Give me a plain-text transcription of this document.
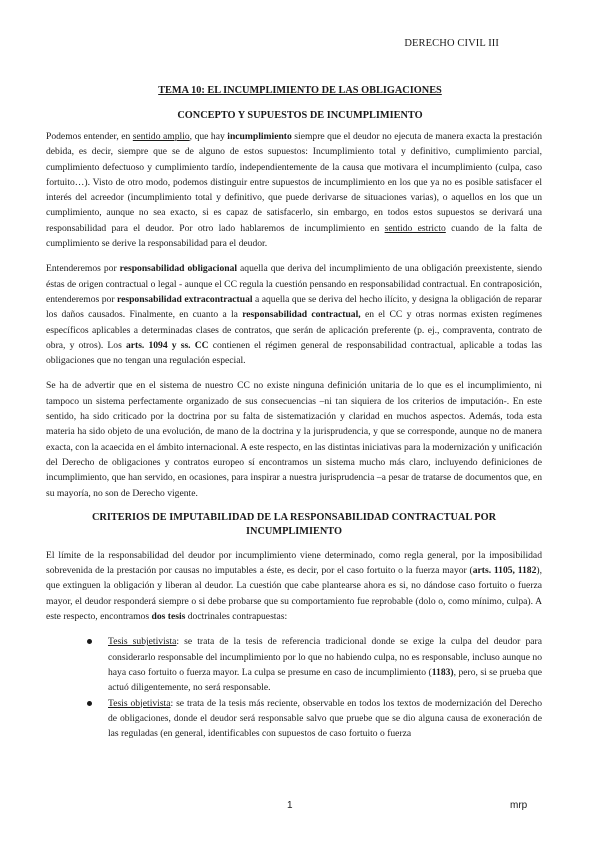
DERECHO CIVIL III
TEMA 10: EL INCUMPLIMIENTO DE LAS OBLIGACIONES
CONCEPTO Y SUPUESTOS DE INCUMPLIMIENTO

Podemos entender, en sentido amplio, que hay incumplimiento siempre que el deudor no ejecuta de manera exacta la prestación debida, es decir, siempre que se de alguno de estos supuestos: Incumplimiento total y definitivo, cumplimiento parcial, cumplimiento defectuoso y cumplimiento tardío, independientemente de la causa que motivara el incumplimiento (culpa, caso fortuito…). Visto de otro modo, podemos distinguir entre supuestos de incumplimiento en los que ya no es posible satisfacer el interés del acreedor (incumplimiento total y definitivo, que puede derivarse de situaciones varias), o aquellos en los que un cumplimiento, aunque no sea exacto, si es capaz de satisfacerlo, sin embargo, en todos estos supuestos se derivará una responsabilidad para el deudor. Por otro lado hablaremos de incumplimiento en sentido estricto cuando de la falta de cumplimiento se derive la responsabilidad para el deudor.

Entenderemos por responsabilidad obligacional aquella que deriva del incumplimiento de una obligación preexistente, siendo éstas de origen contractual o legal - aunque el CC regula la cuestión pensando en responsabilidad contractual. En contraposición, entenderemos por responsabilidad extracontractual a aquella que se deriva del hecho ilícito, y designa la obligación de reparar los daños causados. Finalmente, en cuanto a la responsabilidad contractual, en el CC y otras normas existen regímenes específicos aplicables a determinadas clases de contratos, que serán de aplicación preferente (p. ej., compraventa, contrato de obra, y otros). Los arts. 1094 y ss. CC contienen el régimen general de responsabilidad contractual, aplicable a todas las obligaciones que no tengan una regulación especial.

Se ha de advertir que en el sistema de nuestro CC no existe ninguna definición unitaria de lo que es el incumplimiento, ni tampoco un sistema perfectamente organizado de sus consecuencias –ni tan siquiera de los criterios de imputación-. En este sentido, ha sido criticado por la doctrina por su falta de sistematización y claridad en muchos aspectos. Además, toda esta materia ha sido objeto de una evolución, de mano de la doctrina y la jurisprudencia, y que se corresponde, aunque no de manera exacta, con la acaecida en el ámbito internacional. A este respecto, en las distintas iniciativas para la modernización y unificación del Derecho de obligaciones y contratos europeo sí encontramos un sistema mucho más claro, incluyendo definiciones de incumplimiento, que han servido, en ocasiones, para inspirar a nuestra jurisprudencia –a pesar de tratarse de documentos que, en su mayoría, no son de Derecho vigente.

CRITERIOS DE IMPUTABILIDAD DE LA RESPONSABILIDAD CONTRACTUAL POR INCUMPLIMIENTO

El límite de la responsabilidad del deudor por incumplimiento viene determinado, como regla general, por la imposibilidad sobrevenida de la prestación por causas no imputables a éste, es decir, por el caso fortuito o la fuerza mayor (arts. 1105, 1182), que extinguen la obligación y liberan al deudor. La cuestión que cabe plantearse ahora es si, no dándose caso fortuito o fuerza mayor, el deudor responderá siempre o si debe probarse que su comportamiento fue reprobable (dolo o, como mínimo, culpa). A este respecto, encontramos dos tesis doctrinales contrapuestas:

Tesis subjetivista: se trata de la tesis de referencia tradicional donde se exige la culpa del deudor para considerarlo responsable del incumplimiento por lo que no habiendo culpa, no es responsable, incluso aunque no haya caso fortuito o fuerza mayor. La culpa se presume en caso de incumplimiento (1183), pero, si se prueba que actuó diligentemente, no será responsable.
Tesis objetivista: se trata de la tesis más reciente, observable en todos los textos de modernización del Derecho de obligaciones, donde el deudor será responsable salvo que pruebe que se dio alguna causa de exoneración de las reguladas (en general, identificables con supuestos de caso fortuito o fuerza
1	mrp
